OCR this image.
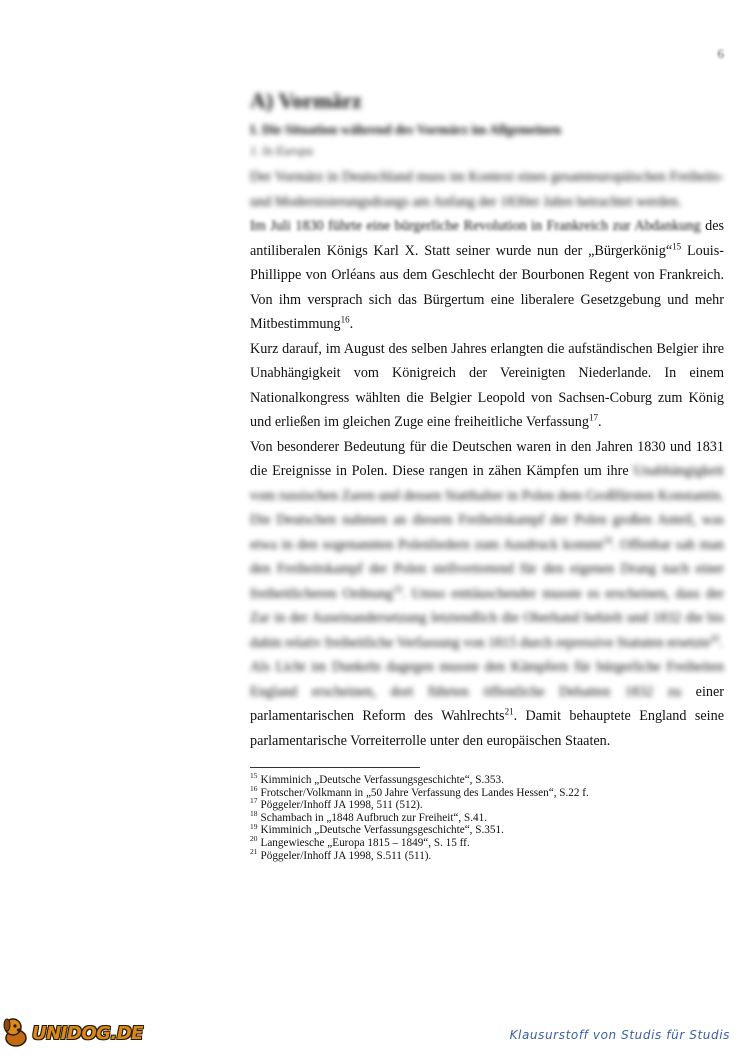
6
A) Vormärz
I. Die Situation während des Vormärz im Allgemeinen
1. In Europa

Der Vormärz in Deutschland muss im Kontext eines gesamteuropäischen Freiheits- und Modernisierungsdrangs am Anfang der 1830er Jahre betrachtet werden.

Im Juli 1830 führte eine bürgerliche Revolution in Frankreich zur Abdankung des antiliberalen Königs Karl X. Statt seiner wurde nun der „Bürgerkönig“$^{15}$ Louis-Phillippe von Orléans aus dem Geschlecht der Bourbonen Regent von Frankreich. Von ihm versprach sich das Bürgertum eine liberalere Gesetzgebung und mehr Mitbestimmung$^{16}$.

Kurz darauf, im August des selben Jahres erlangten die aufständischen Belgier ihre Unabhängigkeit vom Königreich der Vereinigten Niederlande. In einem Nationalkongress wählten die Belgier Leopold von Sachsen-Coburg zum König und erließen im gleichen Zuge eine freiheitliche Verfassung$^{17}$.

Von besonderer Bedeutung für die Deutschen waren in den Jahren 1830 und 1831 die Ereignisse in Polen. Diese rangen in zähen Kämpfen um ihre Unabhängigkeit vom russischen Zaren und dessen Statthalter in Polen dem Großfürsten Konstantin. Die Deutschen nahmen an diesem Freiheitskampf der Polen großen Anteil, was etwa in den sogenannten Polenliedern zum Ausdruck kommt$^{18}$. Offenbar sah man den Freiheitskampf der Polen stellvertretend für den eigenen Drang nach einer freiheitlicheren Ordnung$^{19}$. Umso enttäuschender musste es erscheinen, dass der Zar in der Auseinandersetzung letztendlich die Oberhand behielt und 1832 die bis dahin relativ freiheitliche Verfassung von 1815 durch repressive Statuten ersetzte$^{20}$.

Als Licht im Dunkeln dagegen musste den Kämpfern für bürgerliche Freiheiten England erscheinen, dort führten öffentliche Debatten 1832 zu einer parlamentarischen Reform des Wahlrechts$^{21}$. Damit behauptete England seine parlamentarische Vorreiterrolle unter den europäischen Staaten.

$^{15}$ Kimminich „Deutsche Verfassungsgeschichte“, S.353.
$^{16}$ Frotscher/Volkmann in „50 Jahre Verfassung des Landes Hessen“, S.22 f.
$^{17}$ Pöggeler/Inhoff JA 1998, 511 (512).
$^{18}$ Schambach in „1848 Aufbruch zur Freiheit“, S.41.
$^{19}$ Kimminich „Deutsche Verfassungsgeschichte“, S.351.
$^{20}$ Langewiesche „Europa 1815 – 1849“, S. 15 ff.
$^{21}$ Pöggeler/Inhoff JA 1998, S.511 (511).
UNIDOG.DE	Klausurstoff von Studis für Studis
